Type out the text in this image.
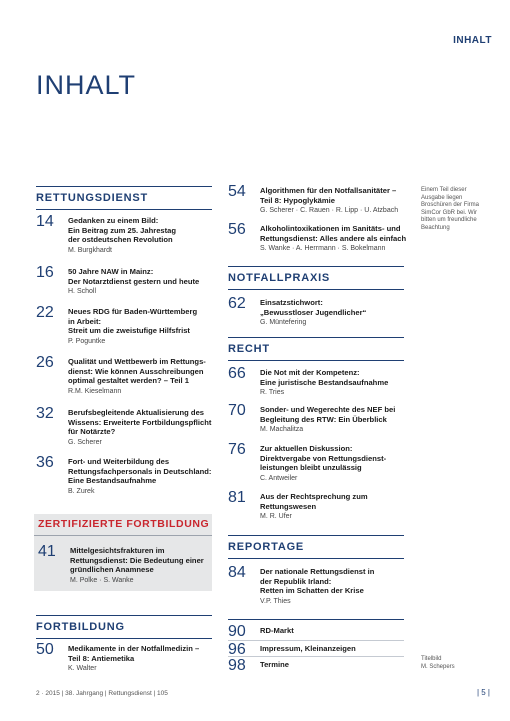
INHALT
INHALT
RETTUNGSDIENST
14	Gedanken zu einem Bild:
Ein Beitrag zum 25. Jahrestag
der ostdeutschen Revolution
M. Burgkhardt
16	50 Jahre NAW in Mainz:
Der Notarztdienst gestern und heute
H. Scholl
22	Neues RDG für Baden-Württemberg
in Arbeit:
Streit um die zweistufige Hilfsfrist
P. Poguntke
26	Qualität und Wettbewerb im Rettungs-
dienst: Wie können Ausschreibungen
optimal gestaltet werden? – Teil 1
R.M. Kieselmann
32	Berufsbegleitende Aktualisierung des
Wissens: Erweiterte Fortbildungspflicht
für Notärzte?
G. Scherer
36	Fort- und Weiterbildung des
Rettungsfachpersonals in Deutschland:
Eine Bestandsaufnahme
B. Zurek
ZERTIFIZIERTE FORTBILDUNG
41	Mittelgesichtsfrakturen im
Rettungsdienst: Die Bedeutung einer
gründlichen Anamnese
M. Polke · S. Wanke
FORTBILDUNG
50	Medikamente in der Notfallmedizin –
Teil 8: Antiemetika
K. Walter
54	Algorithmen für den Notfallsanitäter –
Teil 8: Hypoglykämie
G. Scherer · C. Rauen · R. Lipp · U. Atzbach
56	Alkoholintoxikationen im Sanitäts- und
Rettungsdienst: Alles andere als einfach
S. Wanke · A. Herrmann · S. Bokelmann
NOTFALLPRAXIS
62	Einsatzstichwort:
„Bewusstloser Jugendlicher“
G. Müntefering
RECHT
66	Die Not mit der Kompetenz:
Eine juristische Bestandsaufnahme
R. Tries
70	Sonder- und Wegerechte des NEF bei
Begleitung des RTW: Ein Überblick
M. Machalitza
76	Zur aktuellen Diskussion:
Direktvergabe von Rettungsdienst-
leistungen bleibt unzulässig
C. Antweiler
81	Aus der Rechtsprechung zum
Rettungswesen
M. R. Ufer
REPORTAGE
84	Der nationale Rettungsdienst in
der Republik Irland:
Retten im Schatten der Krise
V.P. Thies
90	RD-Markt
96	Impressum, Kleinanzeigen
98	Termine
Einem Teil dieser
Ausgabe liegen
Broschüren der Firma
SimCor GbR bei. Wir
bitten um freundliche
Beachtung
Titelbild
M. Schepers
2 · 2015 | 38. Jahrgang | Rettungsdienst | 105	| 5 |
